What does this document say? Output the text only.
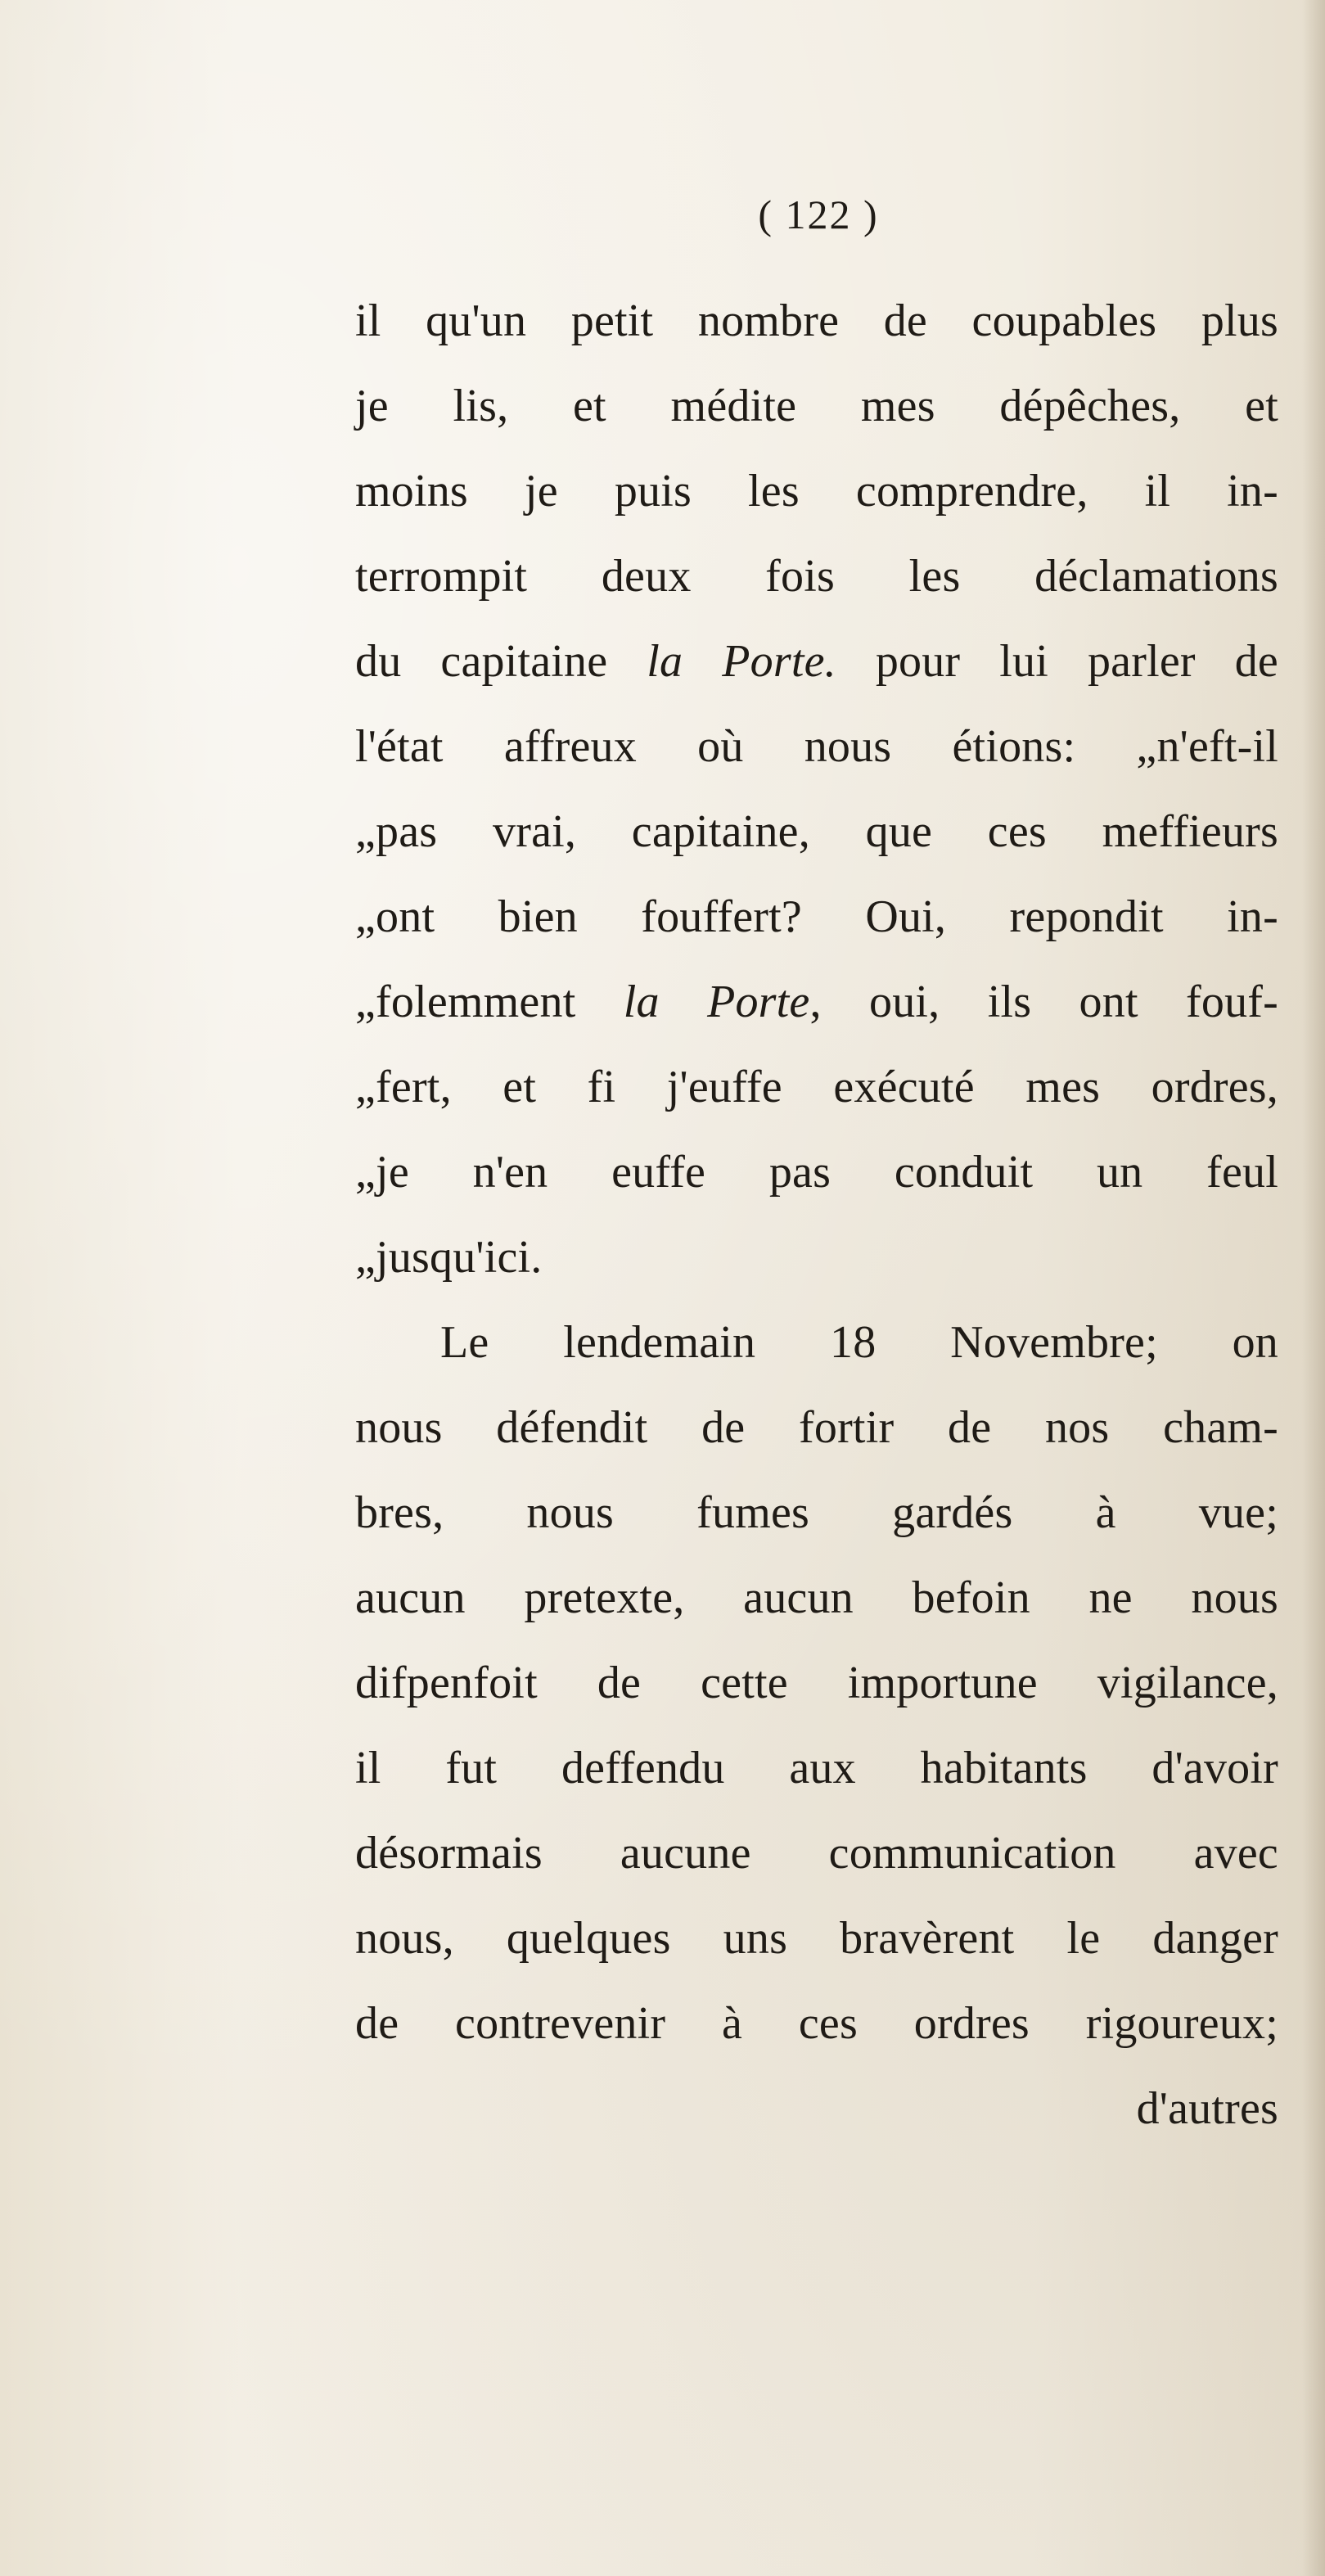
( 122 )
il qu'un petit nombre de coupables plus
je lis, et médite mes dépêches, et
moins je puis les comprendre, il in-
terrompit deux fois les déclamations
du capitaine la Porte. pour lui parler de
l'état affreux où nous étions: „n'eft-il
„pas vrai, capitaine, que ces meffieurs
„ont bien fouffert? Oui, repondit in-
„folemment la Porte, oui, ils ont fouf-
„fert, et fi j'euffe exécuté mes ordres,
„je n'en euffe pas conduit un feul
„jusqu'ici.
Le lendemain 18 Novembre; on
nous défendit de fortir de nos cham-
bres, nous fumes gardés à vue;
aucun pretexte, aucun befoin ne nous
difpenfoit de cette importune vigilance,
il fut deffendu aux habitants d'avoir
désormais aucune communication avec
nous, quelques uns bravèrent le danger
de contrevenir à ces ordres rigoureux;
d'autres
